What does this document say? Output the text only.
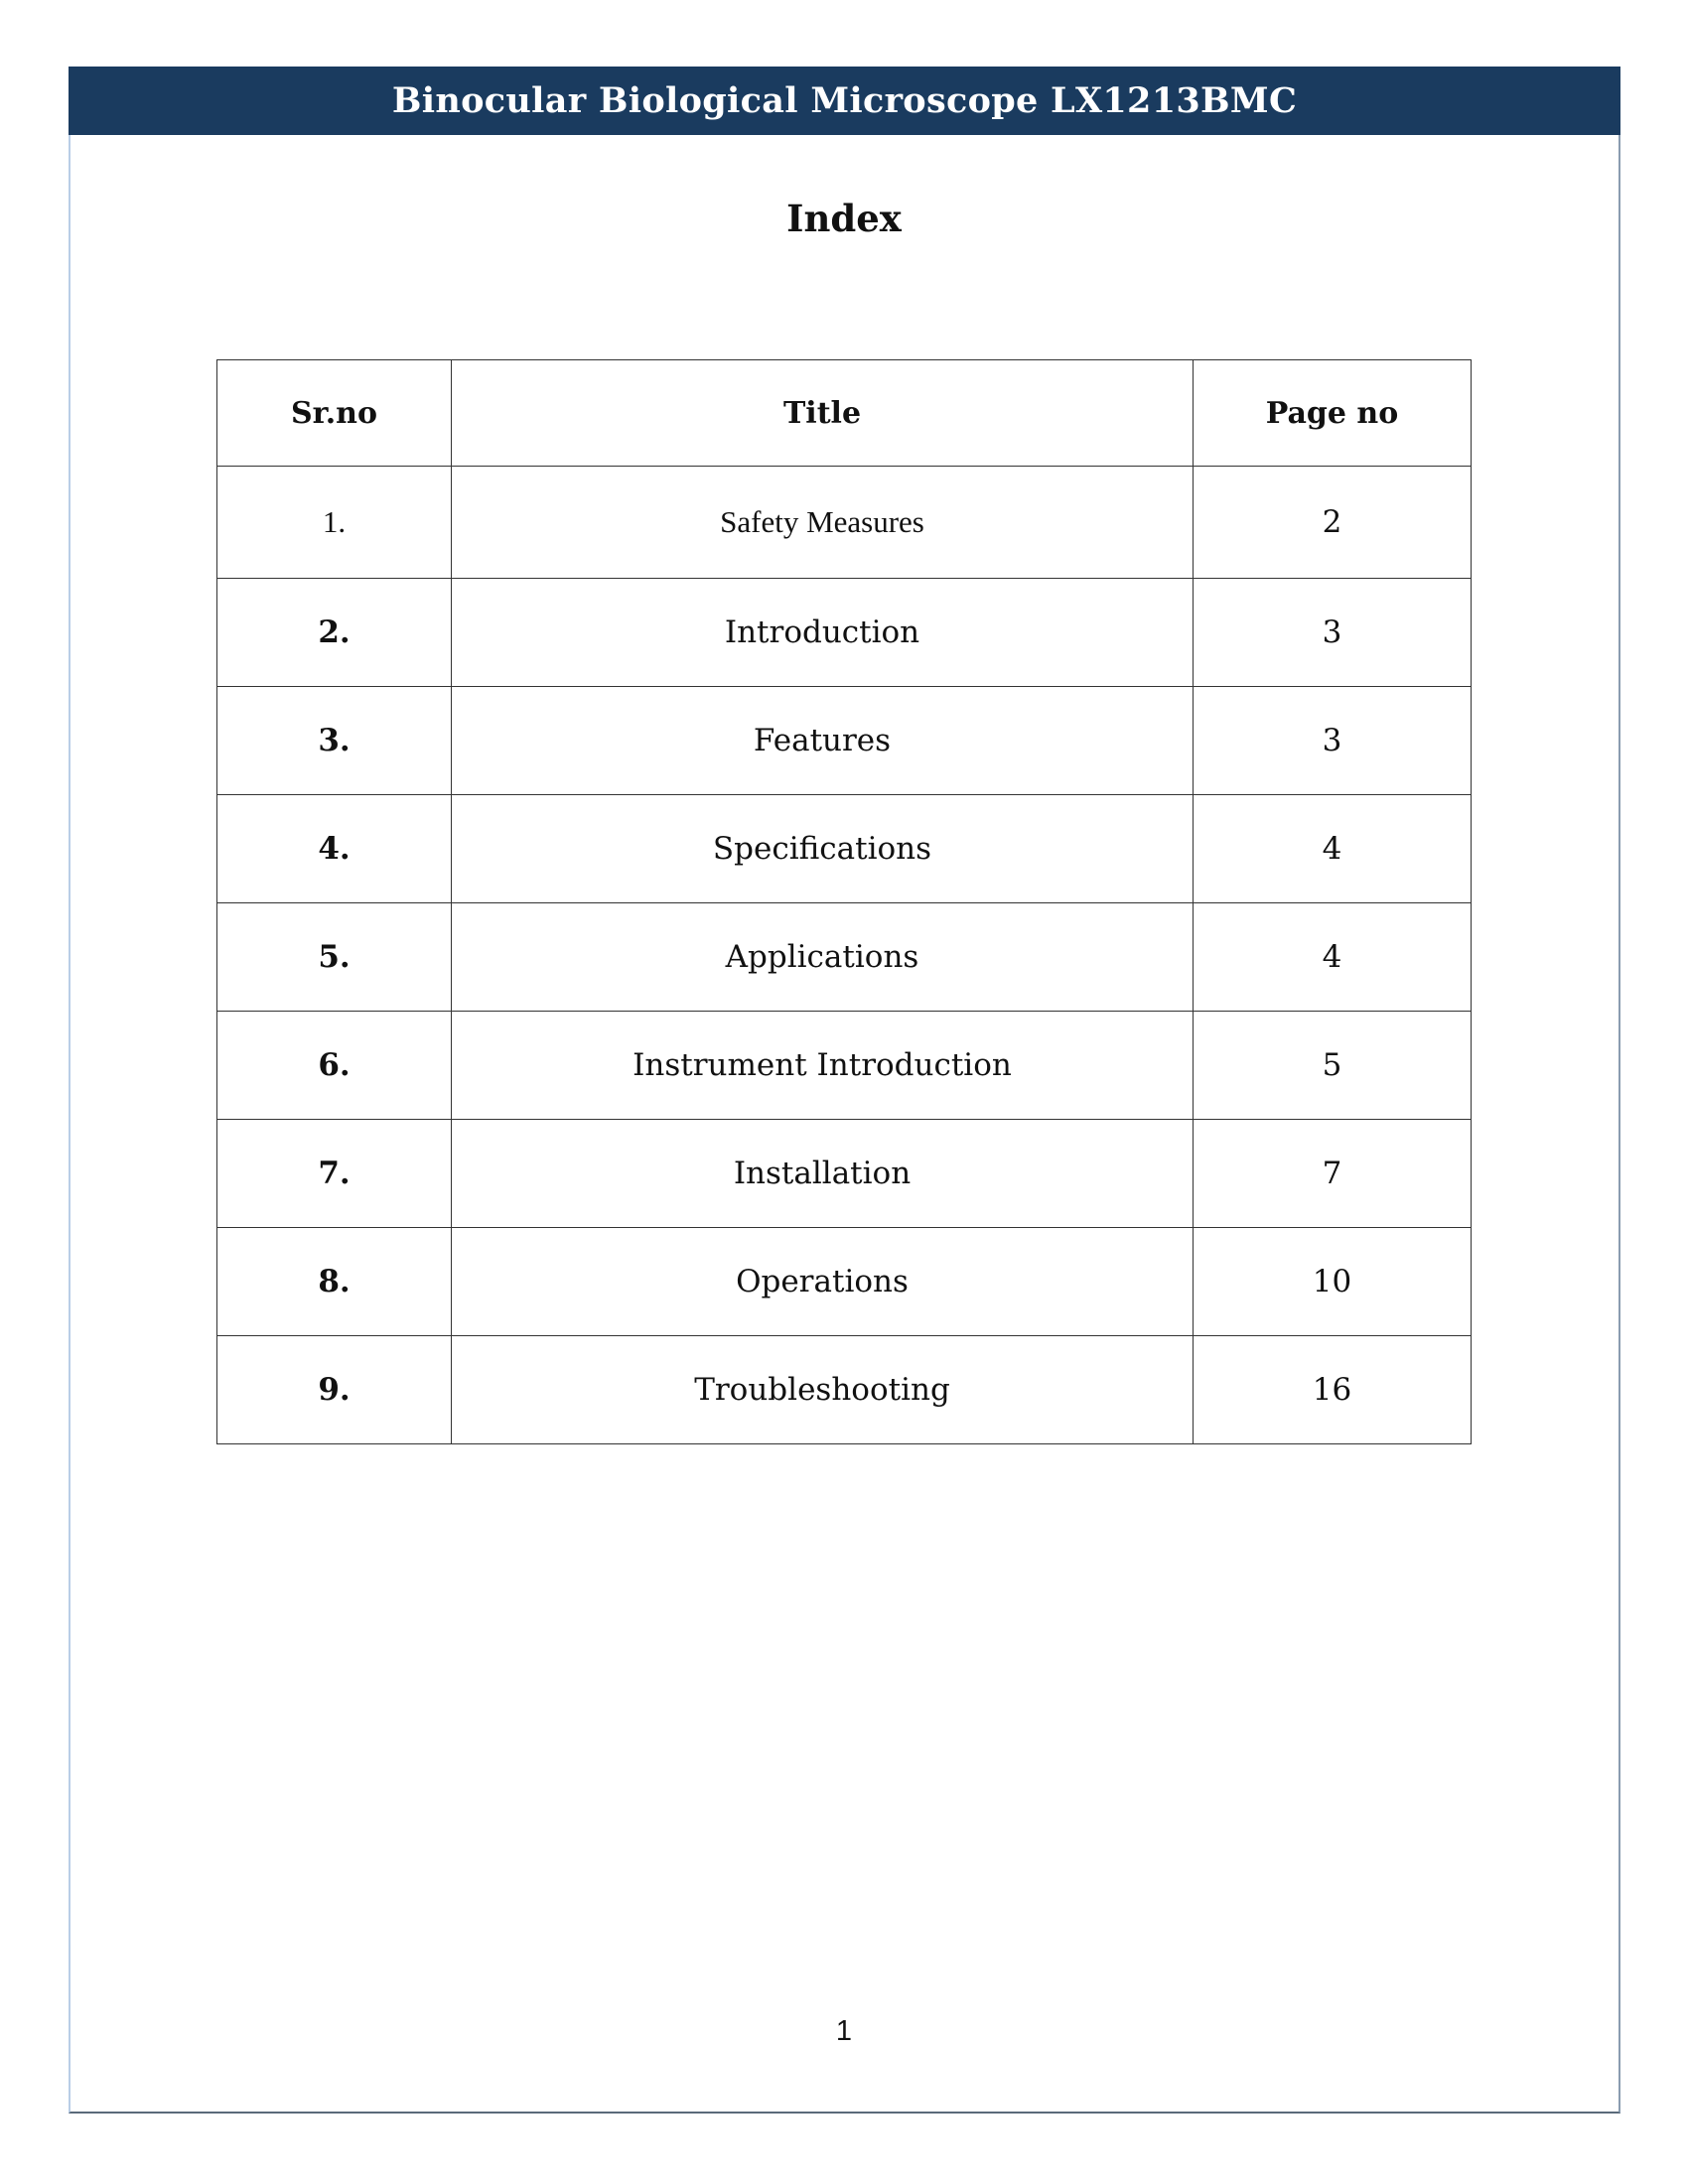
Binocular Biological Microscope LX1213BMC
Index
Sr.no	Title	Page no
1.	Safety Measures	2
2.	Introduction	3
3.	Features	3
4.	Specifications	4
5.	Applications	4
6.	Instrument Introduction	5
7.	Installation	7
8.	Operations	10
9.	Troubleshooting	16
1
